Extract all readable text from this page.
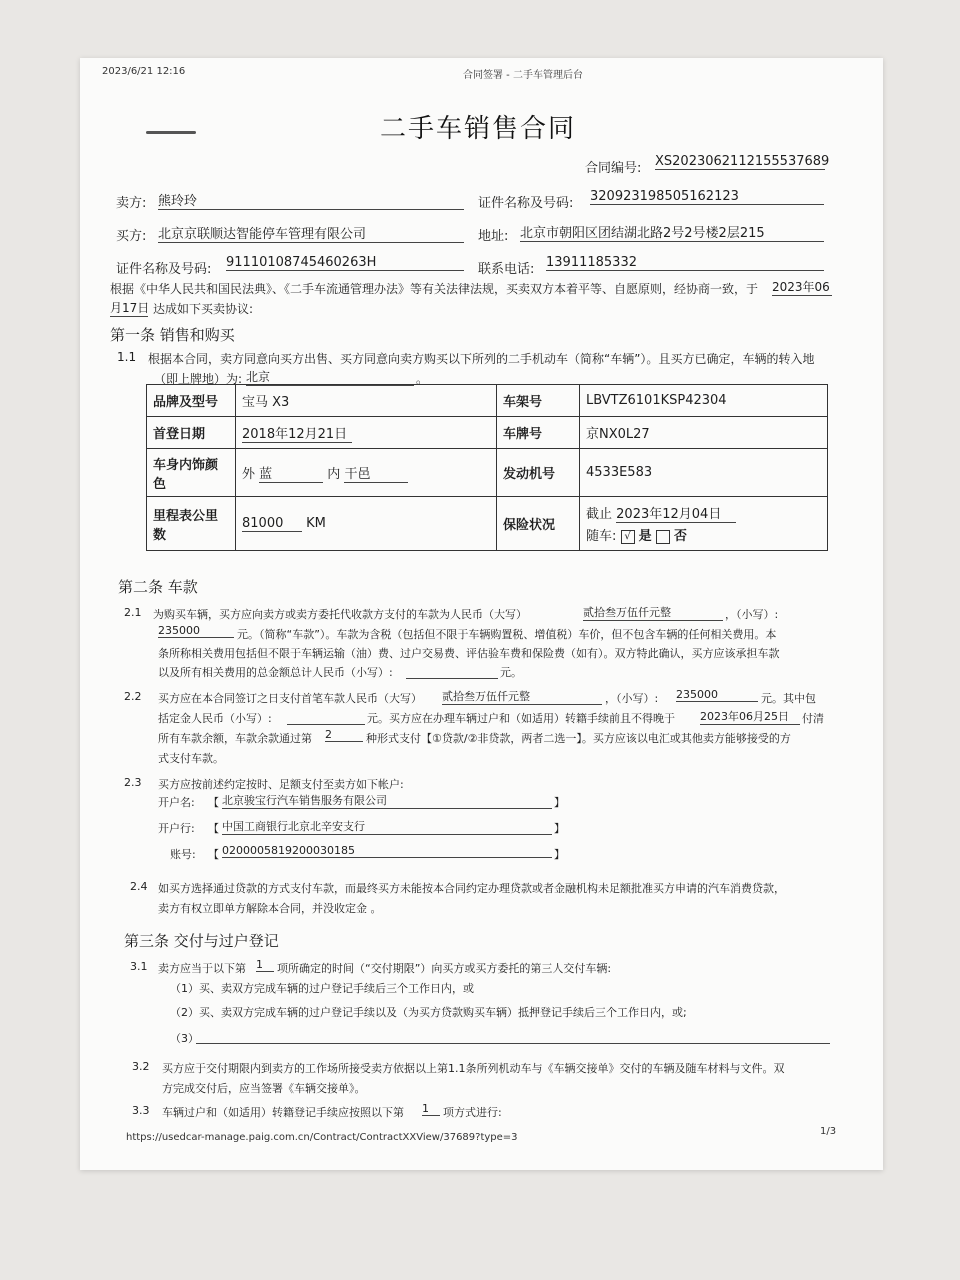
2023/6/21 12:16	合同签署 - 二手车管理后台
二手车销售合同
合同编号: XS2023062112155537689
卖方: 熊玲玲	证件名称及号码: 320923198505162123
买方: 北京京联顺达智能停车管理有限公司	地址: 北京市朝阳区团结湖北路2号2号楼2层215
证件名称及号码: 91110108745460263H	联系电话: 13911185332
根据《中华人民共和国民法典》、《二手车流通管理办法》等有关法律法规，买卖双方本着平等、自愿原则，经协商一致，于 2023年06
月17日 达成如下买卖协议:
第一条 销售和购买
1.1 根据本合同，卖方同意向买方出售、买方同意向卖方购买以下所列的二手机动车（简称“车辆”）。且买方已确定，车辆的转入地
（即上牌地）为: 北京	。
品牌及型号	宝马 X3	车架号	LBVTZ6101KSP42304
首登日期	2018年12月21日	车牌号	京NX0L27
车身内饰颜色	外 蓝 内 干邑	发动机号	4533E583
里程表公里数	81000 KM	保险状况	截止 2023年12月04日
随车: √ 是 否
第二条 车款
2.1 为购买车辆，买方应向卖方或卖方委托代收款方支付的车款为人民币（大写）	贰拾叁万伍仟元整	，（小写）:
235000	元。（简称“车款”）。车款为含税（包括但不限于车辆购置税、增值税）车价，但不包含车辆的任何相关费用。本
条所称相关费用包括但不限于车辆运输（油）费、过户交易费、评估验车费和保险费（如有）。双方特此确认，买方应该承担车款
以及所有相关费用的总金额总计人民币（小写）:	元。
2.2 买方应在本合同签订之日支付首笔车款人民币（大写） 贰拾叁万伍仟元整	，（小写）: 235000	元。其中包
括定金人民币（小写）:	元。买方应在办理车辆过户和（如适用）转籍手续前且不得晚于 2023年06月25日	付清
所有车款余额，车款余款通过第 2	种形式支付【①贷款/②非贷款，两者二选一】。买方应该以电汇或其他卖方能够接受的方
式支付车款。
2.3 买方应按前述约定按时、足额支付至卖方如下帐户:
开户名: 【 北京骏宝行汽车销售服务有限公司	】
开户行: 【 中国工商银行北京北辛安支行	】
账号: 【 0200005819200030185	】
2.4 如买方选择通过贷款的方式支付车款，而最终买方未能按本合同约定办理贷款或者金融机构未足额批准买方申请的汽车消费贷款，
卖方有权立即单方解除本合同，并没收定金 。
第三条 交付与过户登记
3.1 卖方应当于以下第 1	项所确定的时间（“交付期限”）向买方或买方委托的第三人交付车辆:
（1）买、卖双方完成车辆的过户登记手续后三个工作日内，或
（2）买、卖双方完成车辆的过户登记手续以及（为买方贷款购买车辆）抵押登记手续后三个工作日内，或;
（3）
3.2 买方应于交付期限内到卖方的工作场所接受卖方依据以上第1.1条所列机动车与《车辆交接单》交付的车辆及随车材料与文件。双
方完成交付后，应当签署《车辆交接单》。
3.3 车辆过户和（如适用）转籍登记手续应按照以下第 1	项方式进行:
https://usedcar-manage.paig.com.cn/Contract/ContractXXView/37689?type=3
1/3
